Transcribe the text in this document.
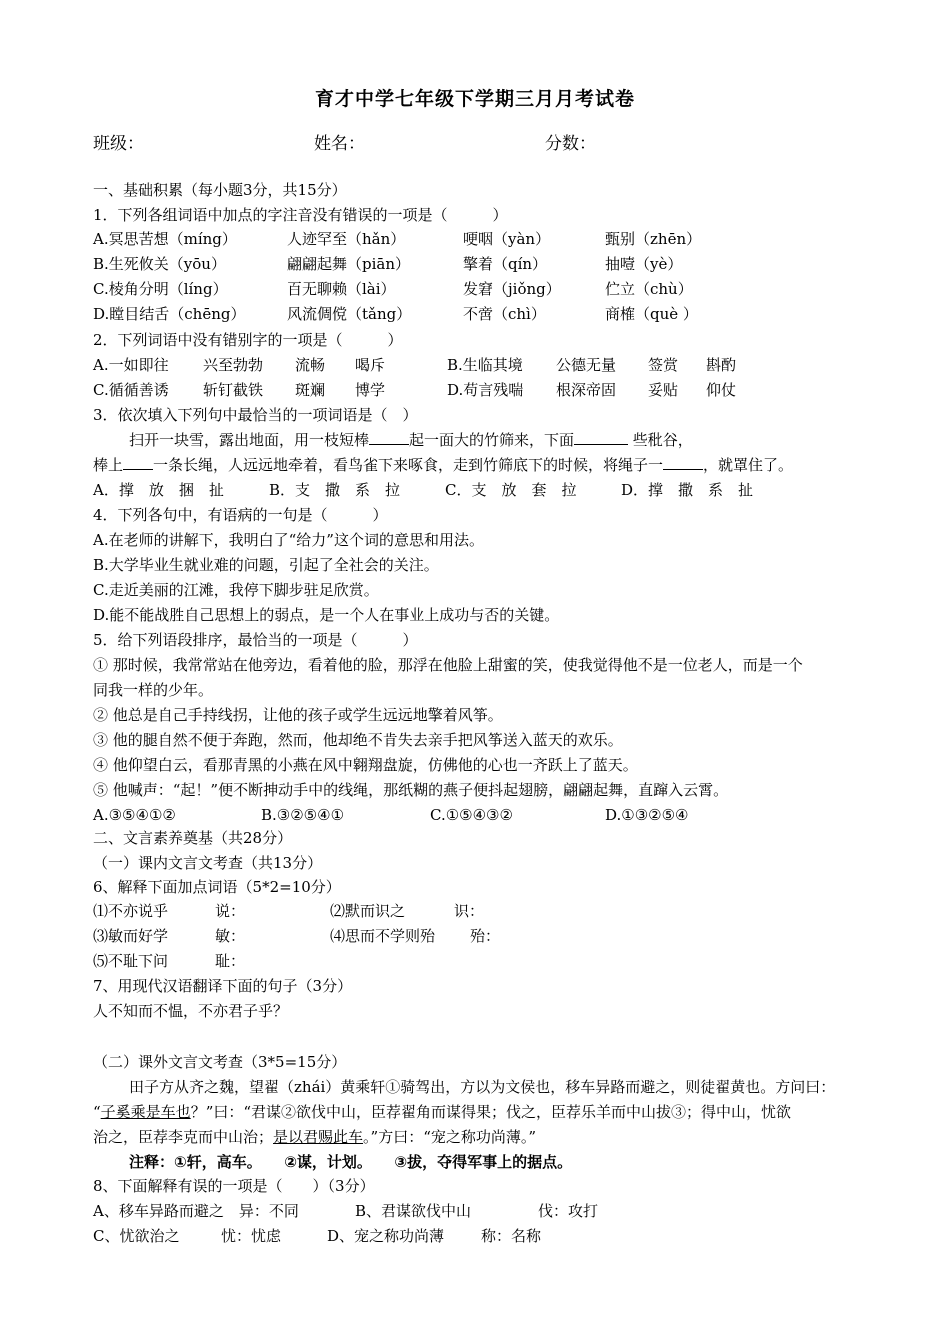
育才中学七年级下学期三月月考试卷
班级：	姓名：	分数：
一、基础积累（每小题3分，共15分）
1．下列各组词语中加点的字注音没有错误的一项是（　　　）
A.冥思苦想（míng）	人迹罕至（hǎn）	哽咽（yàn）	甄别（zhēn）
B.生死攸关（yōu）	翩翩起舞（piān）	擎着（qín）	抽噎（yè）
C.棱角分明（líng）	百无聊赖（lài）	发窘（jiǒng）	伫立（chù）
D.瞠目结舌（chēng）	风流倜傥（tǎng）	不啻（chì）	商榷（què ）
2．下列词语中没有错别字的一项是（　　　）
A.一如即往 兴至勃勃 流畅 喝斥	B.生临其境 公德无量 签赏 斟酌
C.循循善诱 斩钉截铁 斑斓 博学	D.苟言残喘 根深帝固 妥贴 仰仗
3．依次填入下列句中最恰当的一项词语是（　）
扫开一块雪，露出地面，用一枝短棒	起一面大的竹筛来，下面	些秕谷，
棒上 一条长绳，人远远地牵着，看鸟雀下来啄食，走到竹筛底下的时候，将绳子一	，就罩住了。
A．撑　放　捆　扯	B．支　撒　系　拉	C．支　放　套　拉	D．撑　撒　系　扯
4．下列各句中，有语病的一句是（　　　）
A.在老师的讲解下，我明白了“给力”这个词的意思和用法。
B.大学毕业生就业难的问题，引起了全社会的关注。
C.走近美丽的江滩，我停下脚步驻足欣赏。
D.能不能战胜自己思想上的弱点，是一个人在事业上成功与否的关键。
5．给下列语段排序，最恰当的一项是（　　　）
① 那时候，我常常站在他旁边，看着他的脸，那浮在他脸上甜蜜的笑，使我觉得他不是一位老人，而是一个
同我一样的少年。
② 他总是自己手持线拐，让他的孩子或学生远远地擎着风筝。
③ 他的腿自然不便于奔跑，然而，他却绝不肯失去亲手把风筝送入蓝天的欢乐。
④ 他仰望白云，看那青黑的小燕在风中翱翔盘旋，仿佛他的心也一齐跃上了蓝天。
⑤ 他喊声：“起！”便不断抻动手中的线绳，那纸糊的燕子便抖起翅膀，翩翩起舞，直蹿入云霄。
A.③⑤④①②	B.③②⑤④①	C.①⑤④③②	D.①③②⑤④
二、文言素养奠基（共28分）
（一）课内文言文考查（共13分）
6、解释下面加点词语（5*2=10分）
⑴不亦说乎	说：	⑵默而识之	识：
⑶敏而好学	敏：	⑷思而不学则殆 殆：
⑸不耻下问	耻：
7、用现代汉语翻译下面的句子（3分）
人不知而不愠，不亦君子乎？
（二）课外文言文考查（3*5=15分）
田子方从齐之魏，望翟（zhái）黄乘轩①骑驾出，方以为文侯也，移车异路而避之，则徒翟黄也。方问曰：
“子奚乘是车也？”曰：“君谋②欲伐中山，臣荐翟角而谋得果；伐之，臣荐乐羊而中山拔③；得中山，忧欲
治之，臣荐李克而中山治；是以君赐此车。”方曰：“宠之称功尚薄。”
注释：①轩，高车。　　②谋，计划。　　③拔，夺得军事上的据点。
8、下面解释有误的一项是（　　）（3分）
A、移车异路而避之　异：不同	B、君谋欲伐中山	伐：攻打
C、忧欲治之	忧：忧虑	D、宠之称功尚薄 称：名称
